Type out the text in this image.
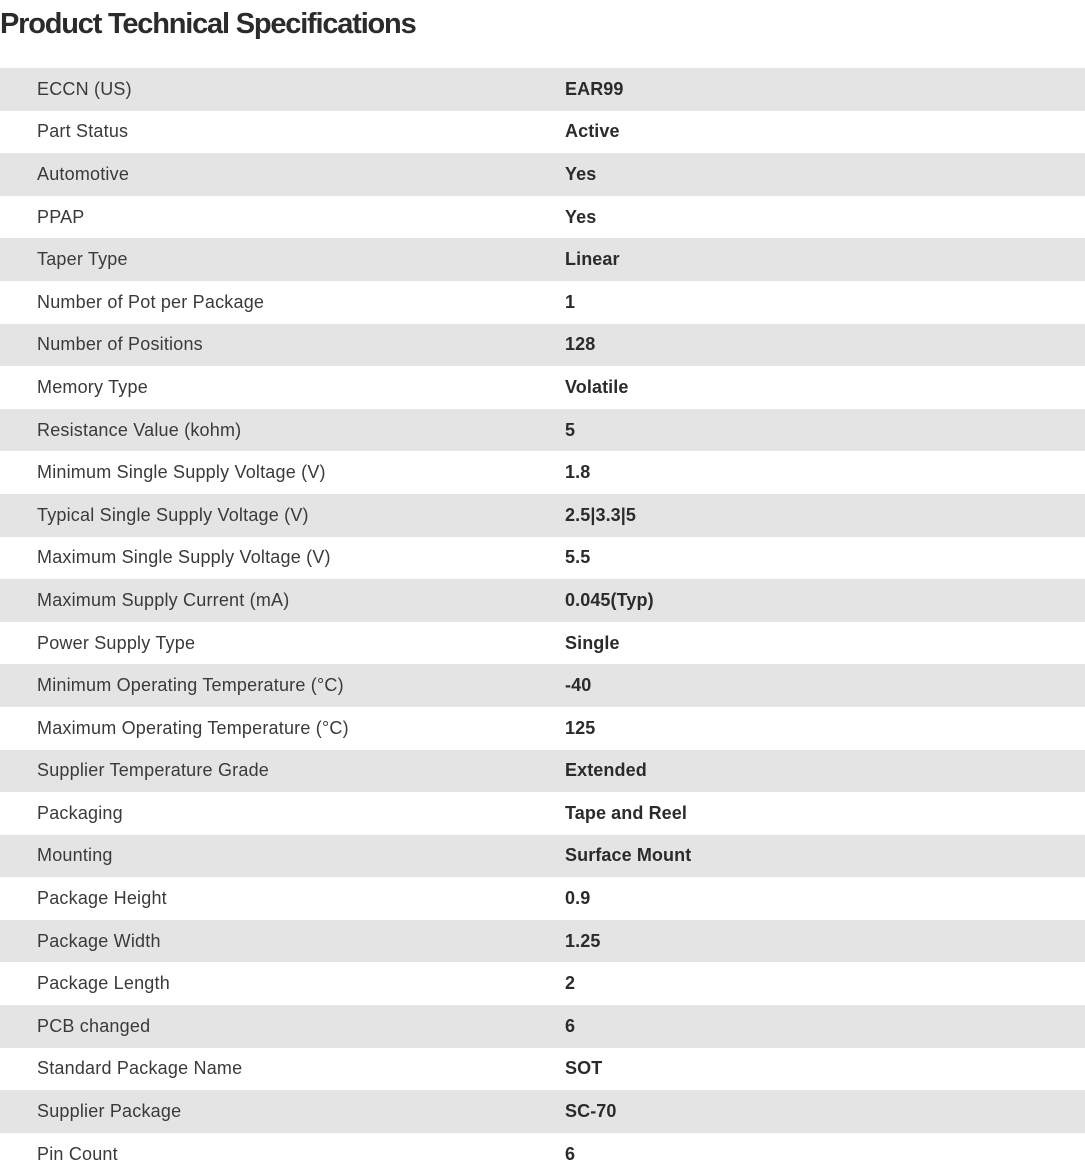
Product Technical Specifications
ECCN (US)	EAR99
Part Status	Active
Automotive	Yes
PPAP	Yes
Taper Type	Linear
Number of Pot per Package	1
Number of Positions	128
Memory Type	Volatile
Resistance Value (kohm)	5
Minimum Single Supply Voltage (V)	1.8
Typical Single Supply Voltage (V)	2.5|3.3|5
Maximum Single Supply Voltage (V)	5.5
Maximum Supply Current (mA)	0.045(Typ)
Power Supply Type	Single
Minimum Operating Temperature (°C)	-40
Maximum Operating Temperature (°C)	125
Supplier Temperature Grade	Extended
Packaging	Tape and Reel
Mounting	Surface Mount
Package Height	0.9
Package Width	1.25
Package Length	2
PCB changed	6
Standard Package Name	SOT
Supplier Package	SC-70
Pin Count	6
